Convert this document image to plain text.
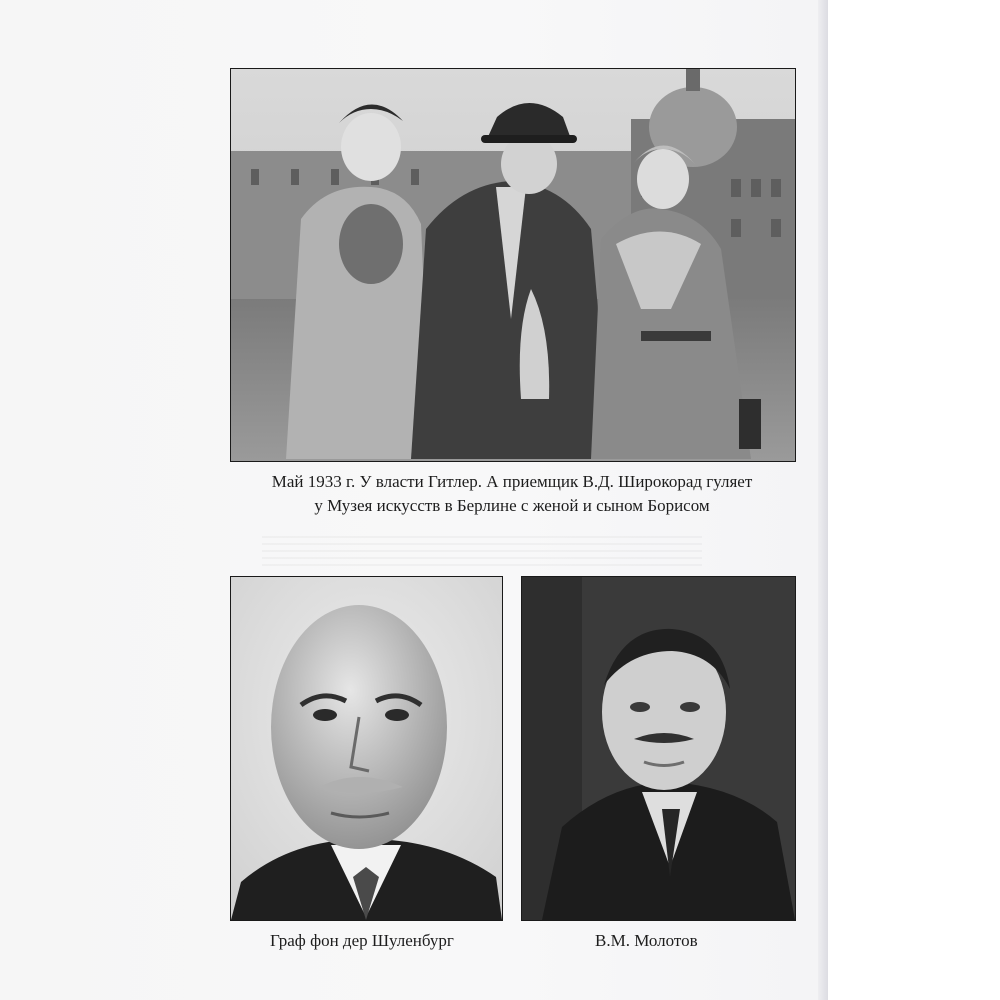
Май 1933 г. У власти Гитлер. А приемщик В.Д. Широкорад гуляет
у Музея искусств в Берлине с женой и сыном Борисом
Граф фон дер Шуленбург	В.М. Молотов
